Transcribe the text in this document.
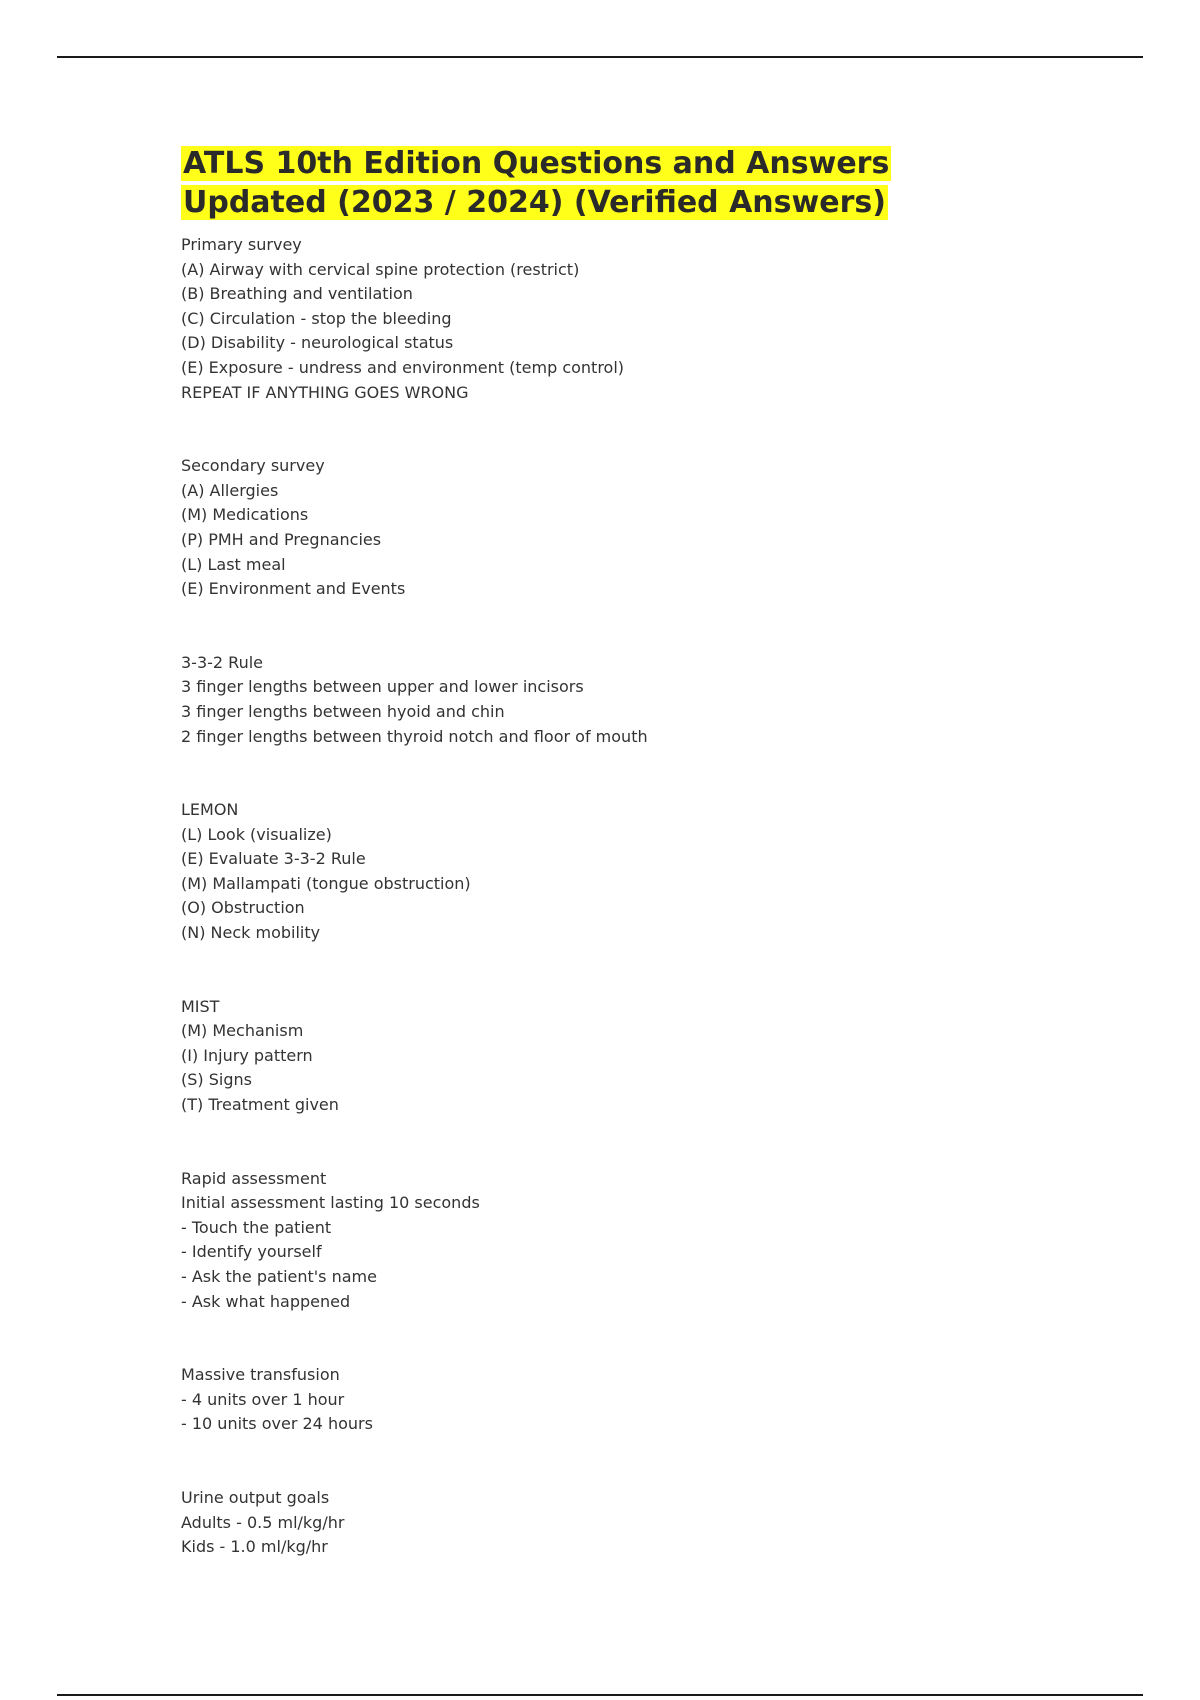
ATLS 10th Edition Questions and Answers
Updated (2023 / 2024) (Verified Answers)
Primary survey
(A) Airway with cervical spine protection (restrict)
(B) Breathing and ventilation
(C) Circulation - stop the bleeding
(D) Disability - neurological status
(E) Exposure - undress and environment (temp control)
REPEAT IF ANYTHING GOES WRONG
Secondary survey
(A) Allergies
(M) Medications
(P) PMH and Pregnancies
(L) Last meal
(E) Environment and Events
3-3-2 Rule
3 finger lengths between upper and lower incisors
3 finger lengths between hyoid and chin
2 finger lengths between thyroid notch and floor of mouth
LEMON
(L) Look (visualize)
(E) Evaluate 3-3-2 Rule
(M) Mallampati (tongue obstruction)
(O) Obstruction
(N) Neck mobility
MIST
(M) Mechanism
(I) Injury pattern
(S) Signs
(T) Treatment given
Rapid assessment
Initial assessment lasting 10 seconds
- Touch the patient
- Identify yourself
- Ask the patient's name
- Ask what happened
Massive transfusion
- 4 units over 1 hour
- 10 units over 24 hours
Urine output goals
Adults - 0.5 ml/kg/hr
Kids - 1.0 ml/kg/hr
